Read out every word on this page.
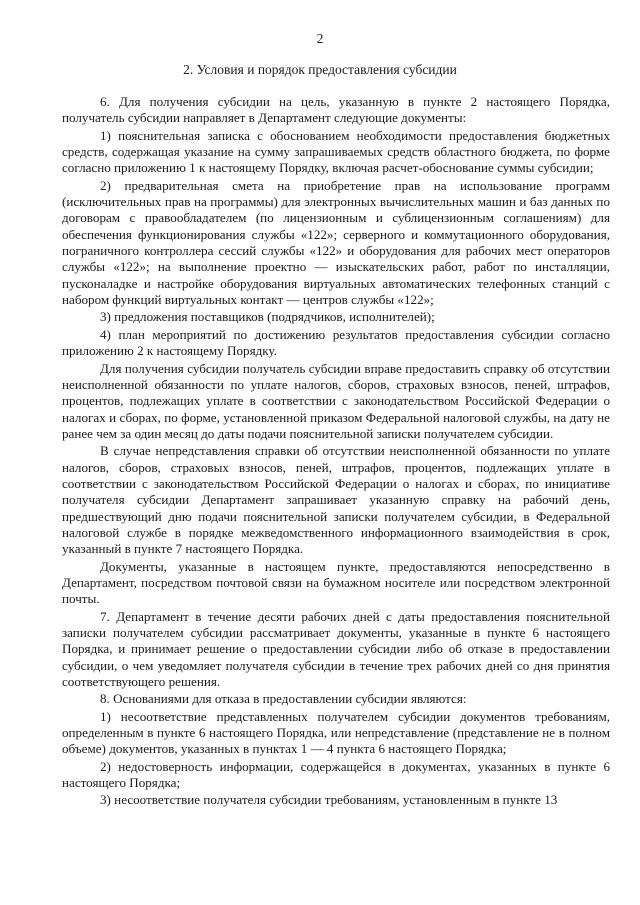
2
2. Условия и порядок предоставления субсидии

6. Для получения субсидии на цель, указанную в пункте 2 настоящего Порядка, получатель субсидии направляет в Департамент следующие документы:

1) пояснительная записка с обоснованием необходимости предоставления бюджетных средств, содержащая указание на сумму запрашиваемых средств областного бюджета, по форме согласно приложению 1 к настоящему Порядку, включая расчет-обоснование суммы субсидии;

2) предварительная смета на приобретение прав на использование программ (исключительных прав на программы) для электронных вычислительных машин и баз данных по договорам с правообладателем (по лицензионным и сублицензионным соглашениям) для обеспечения функционирования службы «122»; серверного и коммутационного оборудования, пограничного контроллера сессий службы «122» и оборудования для рабочих мест операторов службы «122»; на выполнение проектно — изыскательских работ, работ по инсталляции, пусконаладке и настройке оборудования виртуальных автоматических телефонных станций с набором функций виртуальных контакт — центров службы «122»;

3) предложения поставщиков (подрядчиков, исполнителей);

4) план мероприятий по достижению результатов предоставления субсидии согласно приложению 2 к настоящему Порядку.

Для получения субсидии получатель субсидии вправе предоставить справку об отсутствии неисполненной обязанности по уплате налогов, сборов, страховых взносов, пеней, штрафов, процентов, подлежащих уплате в соответствии с законодательством Российской Федерации о налогах и сборах, по форме, установленной приказом Федеральной налоговой службы, на дату не ранее чем за один месяц до даты подачи пояснительной записки получателем субсидии.

В случае непредставления справки об отсутствии неисполненной обязанности по уплате налогов, сборов, страховых взносов, пеней, штрафов, процентов, подлежащих уплате в соответствии с законодательством Российской Федерации о налогах и сборах, по инициативе получателя субсидии Департамент запрашивает указанную справку на рабочий день, предшествующий дню подачи пояснительной записки получателем субсидии, в Федеральной налоговой службе в порядке межведомственного информационного взаимодействия в срок, указанный в пункте 7 настоящего Порядка.

Документы, указанные в настоящем пункте, предоставляются непосредственно в Департамент, посредством почтовой связи на бумажном носителе или посредством электронной почты.

7. Департамент в течение десяти рабочих дней с даты предоставления пояснительной записки получателем субсидии рассматривает документы, указанные в пункте 6 настоящего Порядка, и принимает решение о предоставлении субсидии либо об отказе в предоставлении субсидии, о чем уведомляет получателя субсидии в течение трех рабочих дней со дня принятия соответствующего решения.

8. Основаниями для отказа в предоставлении субсидии являются:

1) несоответствие представленных получателем субсидии документов требованиям, определенным в пункте 6 настоящего Порядка, или непредставление (представление не в полном объеме) документов, указанных в пунктах 1 — 4 пункта 6 настоящего Порядка;

2) недостоверность информации, содержащейся в документах, указанных в пункте 6 настоящего Порядка;

3) несоответствие получателя субсидии требованиям, установленным в пункте 13
